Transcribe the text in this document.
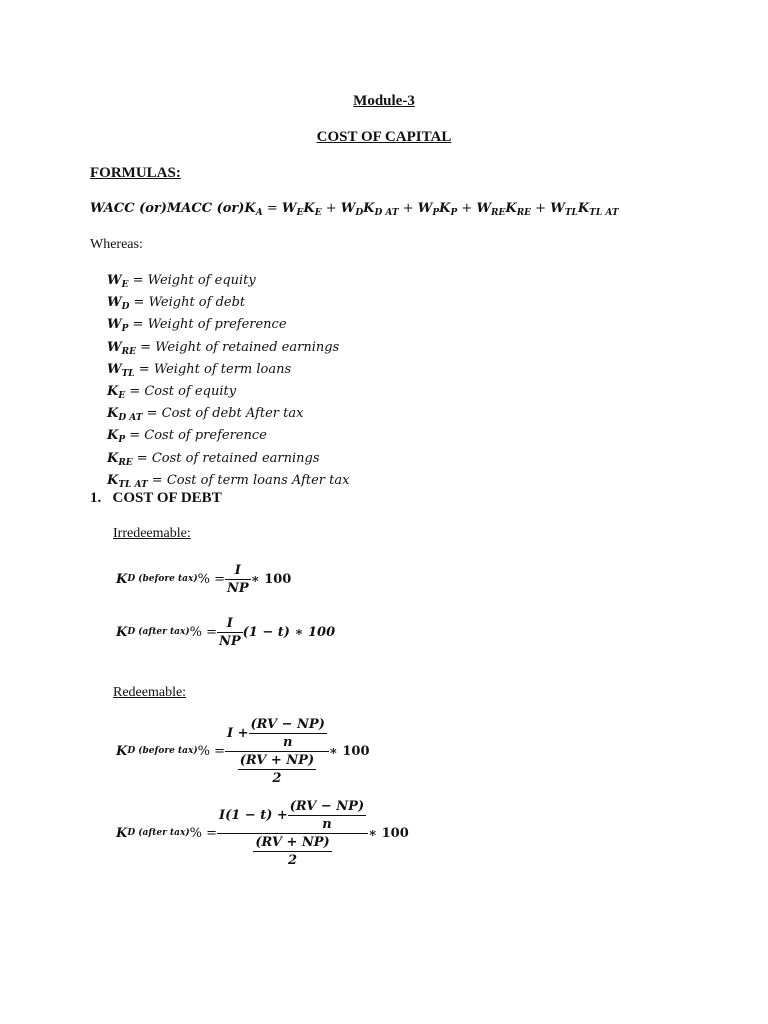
Module-3
COST OF CAPITAL
FORMULAS:
WACC (or)MACC $(or)K_A = W_EK_E + W_DK_{D AT} + W_PK_P + W_{RE}K_{RE} + W_{TL}K_{TL AT}$
Whereas:
$W_E$ = Weight of equity
$W_D$ = Weight of debt
$W_P$ = Weight of preference
$W_{RE}$ = Weight of retained earnings
$W_{TL}$ = Weight of term loans
$K_E$ = Cost of equity
$K_{D AT}$ = Cost of debt After tax
$K_P$ = Cost of preference
$K_{RE}$ = Cost of retained earnings
$K_{TL AT}$ = Cost of term loans After tax
1. COST OF DEBT
Irredeemable:
K D (before tax) % = $\frac{I}{NP}$ ∗ 100
K D (after tax) % = $\frac{I}{NP} (1 - t)$ ∗ 100
Redeemable:
K D (before tax) % = $\frac{I + \frac{(RV - NP)}{n}}{\frac{(RV + NP)}{2}}$ ∗ 100
K D (after tax) % = $\frac{I(1 - t) + \frac{(RV - NP)}{n}}{\frac{(RV + NP)}{2}}$ ∗ 100
